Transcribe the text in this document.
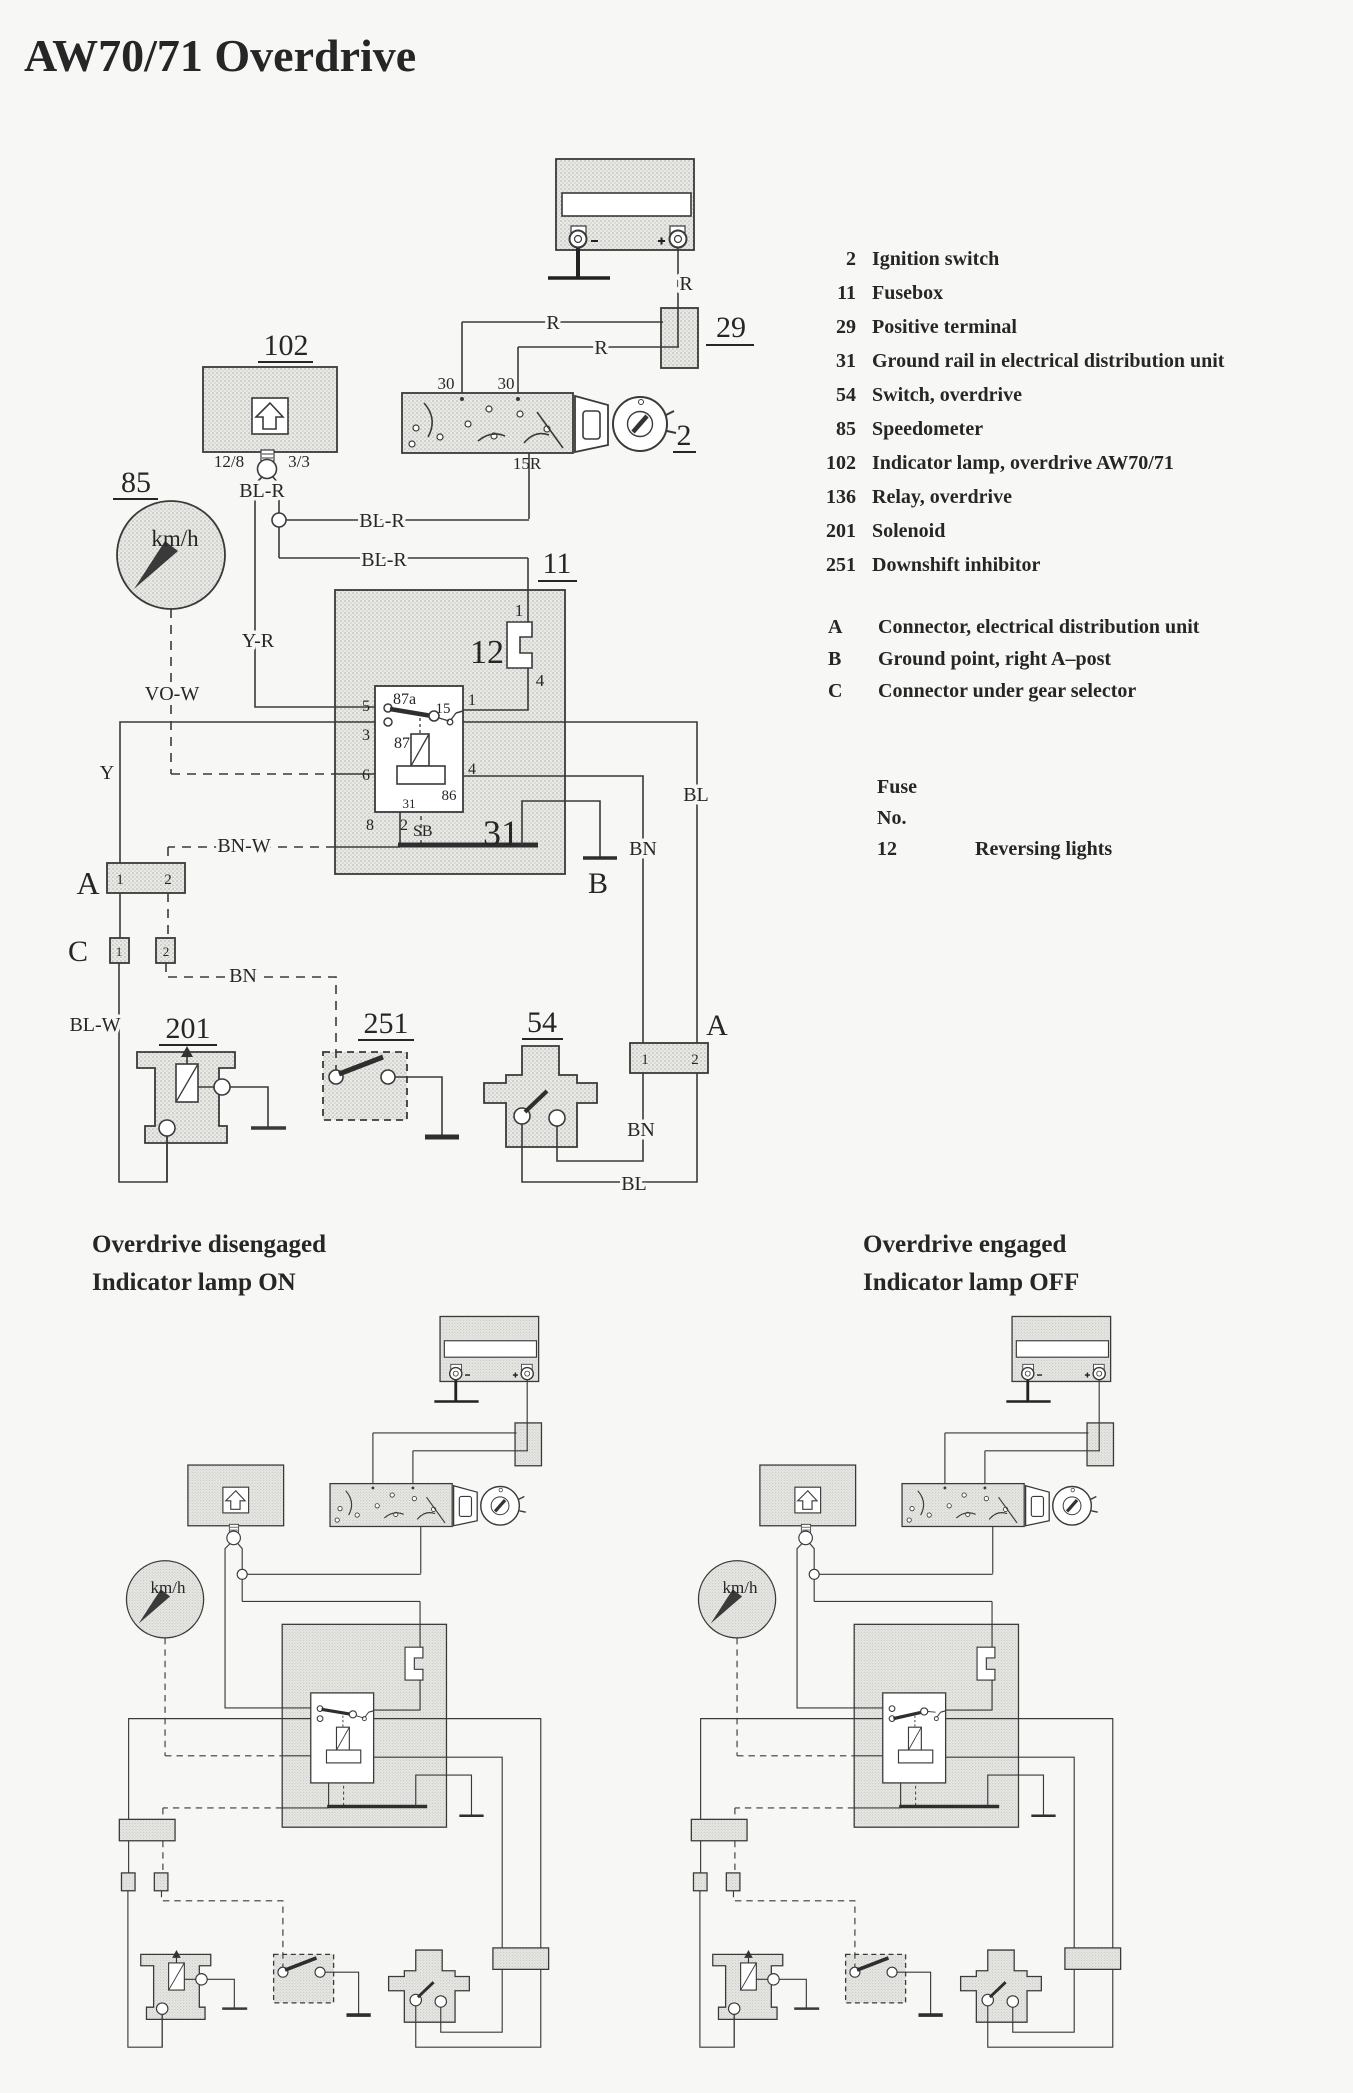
AW70/71 Overdrive
102
85
29
2
11
12
31
54
201	251
30	30
15R
12/8	3/3
1
4
5 87a
3 87
15 1
6	4
86
31
8 2 SB
A
C
B
A
1	2
1	2
1	2
R
R
R
BL-R
BL-R
BL-R
Y-R
VO-W
Y
BN-W	BN
BN
BN
BL
BL
BL-W
km/h
2 Ignition switch
11 Fusebox
29 Positive terminal
31 Ground rail in electrical distribution unit
54 Switch, overdrive
85 Speedometer
102 Indicator lamp, overdrive AW70/71
136 Relay, overdrive
201 Solenoid
251 Downshift inhibitor
A Connector, electrical distribution unit
B Ground point, right A–post
C Connector under gear selector
Fuse
No.
12	Reversing lights
Overdrive disengaged
Indicator lamp ON
Overdrive engaged
Indicator lamp OFF
km/h	km/h
